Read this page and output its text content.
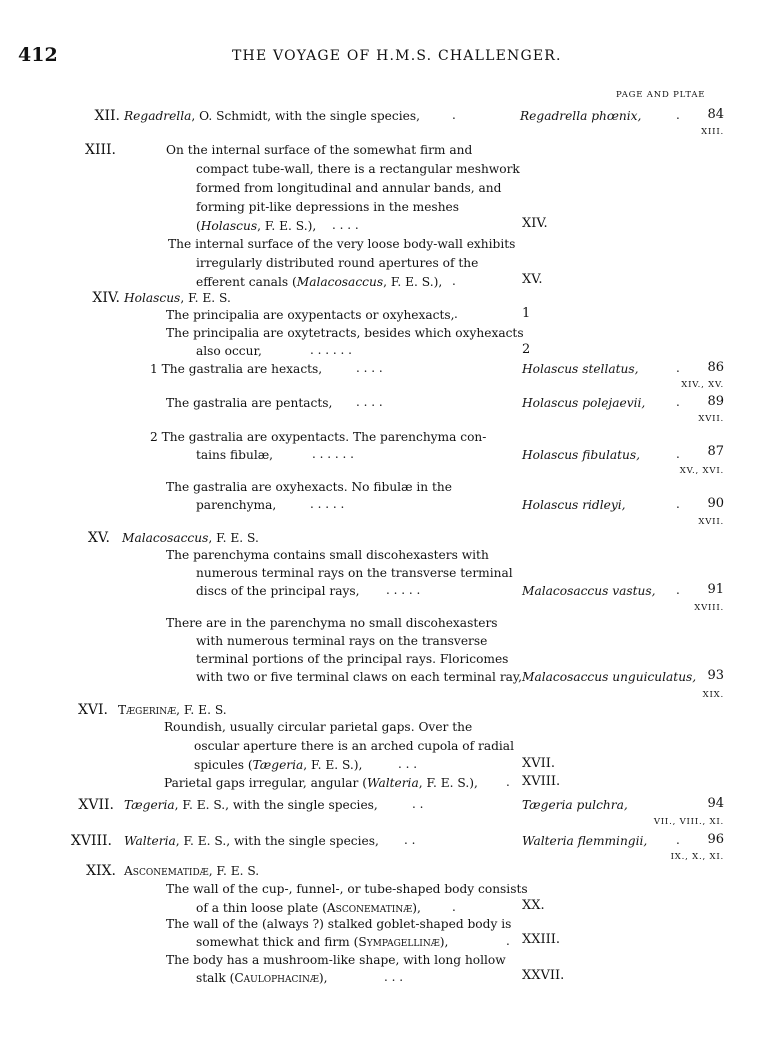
412	THE VOYAGE OF H.M.S. CHALLENGER.
PAGE AND PLTAE
XII. Regadrella, O. Schmidt, with the single species,	.	Regadrella phœnix,	.	84
XIII.
XIII.	On the internal surface of the somewhat firm and
compact tube-wall, there is a rectangular meshwork
formed from longitudinal and annular bands, and
forming pit-like depressions in the meshes
(Holascus, F. E. S.), . . . .	XIV.
The internal surface of the very loose body-wall exhibits
irregularly distributed round apertures of the
efferent canals (Malacosaccus, F. E. S.), .	XV.
XIV. Holascus, F. E. S.
The principalia are oxypentacts or oxyhexacts, .	1
The principalia are oxytetracts, besides which oxyhexacts
also occur,	. . . . . .	2
1 The gastralia are hexacts,	. . . .	Holascus stellatus,	.	86
XIV., XV.
The gastralia are pentacts, . . . .	Holascus polejaevii,	.	89
XVII.
2 The gastralia are oxypentacts. The parenchyma con-
tains fibulæ,	. . . . . .	Holascus fibulatus,	.	87
XV., XVI.
The gastralia are oxyhexacts. No fibulæ in the
parenchyma,	. . . . .	Holascus ridleyi,	.	90
XVII.
XV. Malacosaccus, F. E. S.
The parenchyma contains small discohexasters with
numerous terminal rays on the transverse terminal
discs of the principal rays, . . . . .	Malacosaccus vastus, .	91
XVIII.
There are in the parenchyma no small discohexasters
with numerous terminal rays on the transverse
terminal portions of the principal rays. Floricomes
with two or five terminal claws on each terminal ray, Malacosaccus unguiculatus, 93
XIX.
XVI. Tægerinæ, F. E. S.
Roundish, usually circular parietal gaps. Over the
oscular aperture there is an arched cupola of radial
spicules (Tægeria, F. E. S.),	. . .	XVII.
Parietal gaps irregular, angular (Walteria, F. E. S.), . XVIII.
XVII. Tægeria, F. E. S., with the single species,	. .	Tægeria pulchra,	94
VII., VIII., XI.
XVIII. Walteria, F. E. S., with the single species, . .	Walteria flemmingii, .	96
IX., X., XI.
XIX. Asconematidæ, F. E. S.
The wall of the cup-, funnel-, or tube-shaped body consists
of a thin loose plate (Asconematinæ),	.	XX.
The wall of the (always ?) stalked goblet-shaped body is
somewhat thick and firm (Sympagellinæ),	. XXIII.
The body has a mushroom-like shape, with long hollow
stalk (Caulophacinæ),	. . .	XXVII.
